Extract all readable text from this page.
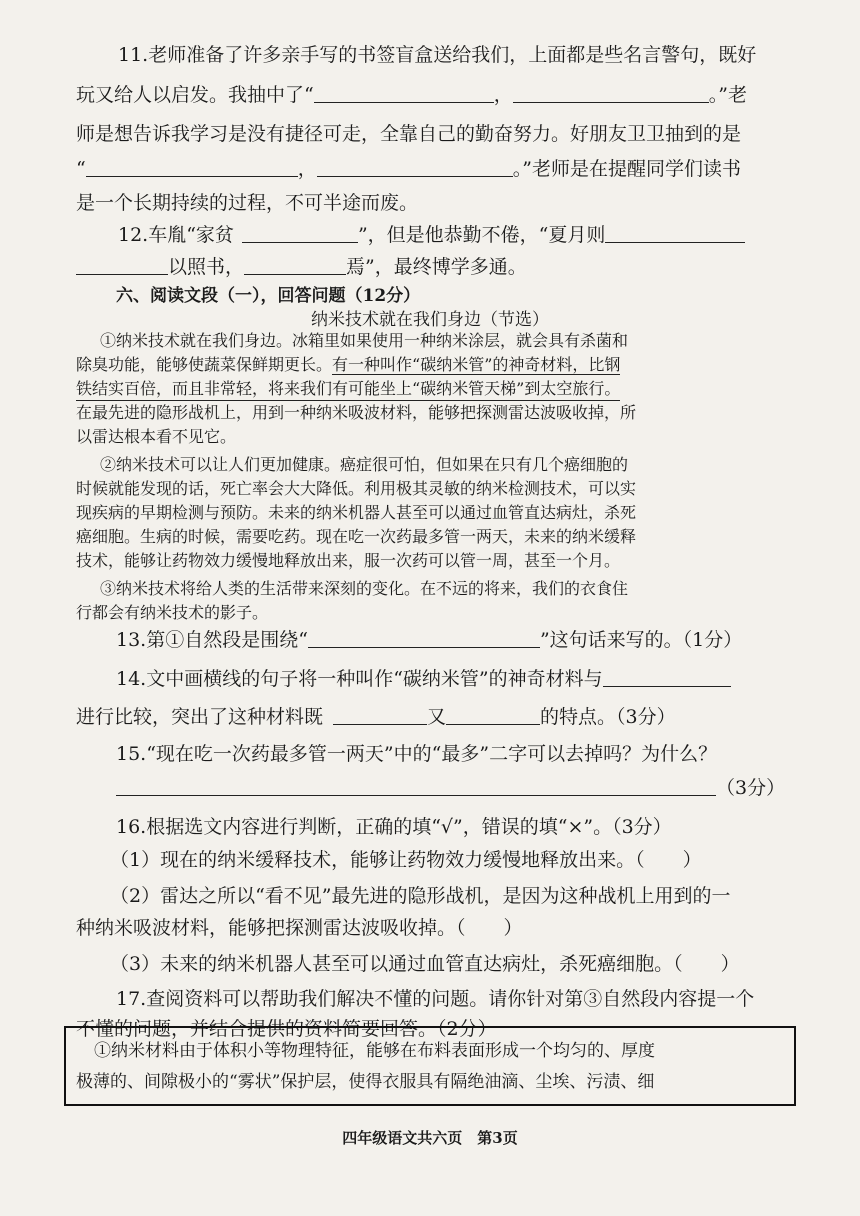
11.老师准备了许多亲手写的书签盲盒送给我们，上面都是些名言警句，既好
玩又给人以启发。我抽中了“	，	。”老
师是想告诉我学习是没有捷径可走，全靠自己的勤奋努力。好朋友卫卫抽到的是
“	，	。”老师是在提醒同学们读书
是一个长期持续的过程，不可半途而废。
12.车胤“家贫	”，但是他恭勤不倦，“夏月则
以照书，	焉”，最终博学多通。
六、阅读文段（一），回答问题（12分）
纳米技术就在我们身边（节选）
①纳米技术就在我们身边。冰箱里如果使用一种纳米涂层，就会具有杀菌和
除臭功能，能够使蔬菜保鲜期更长。有一种叫作“碳纳米管”的神奇材料，比钢
铁结实百倍，而且非常轻，将来我们有可能坐上“碳纳米管天梯”到太空旅行。
在最先进的隐形战机上，用到一种纳米吸波材料，能够把探测雷达波吸收掉，所
以雷达根本看不见它。
②纳米技术可以让人们更加健康。癌症很可怕，但如果在只有几个癌细胞的
时候就能发现的话，死亡率会大大降低。利用极其灵敏的纳米检测技术，可以实
现疾病的早期检测与预防。未来的纳米机器人甚至可以通过血管直达病灶，杀死
癌细胞。生病的时候，需要吃药。现在吃一次药最多管一两天，未来的纳米缓释
技术，能够让药物效力缓慢地释放出来，服一次药可以管一周，甚至一个月。
③纳米技术将给人类的生活带来深刻的变化。在不远的将来，我们的衣食住
行都会有纳米技术的影子。
13.第①自然段是围绕“	”这句话来写的。（1分）
14.文中画横线的句子将一种叫作“碳纳米管”的神奇材料与
进行比较，突出了这种材料既	又	的特点。（3分）
15.“现在吃一次药最多管一两天”中的“最多”二字可以去掉吗？为什么？
（3分）
16.根据选文内容进行判断，正确的填“√”，错误的填“×”。（3分）
（1）现在的纳米缓释技术，能够让药物效力缓慢地释放出来。（　　）
（2）雷达之所以“看不见”最先进的隐形战机，是因为这种战机上用到的一
种纳米吸波材料，能够把探测雷达波吸收掉。（　　）
（3）未来的纳米机器人甚至可以通过血管直达病灶，杀死癌细胞。（　　）
17.查阅资料可以帮助我们解决不懂的问题。请你针对第③自然段内容提一个
不懂的问题，并结合提供的资料简要回答。（2分）
①纳米材料由于体积小等物理特征，能够在布料表面形成一个均匀的、厚度
极薄的、间隙极小的“雾状”保护层，使得衣服具有隔绝油滴、尘埃、污渍、细
四年级语文共六页　第3页
